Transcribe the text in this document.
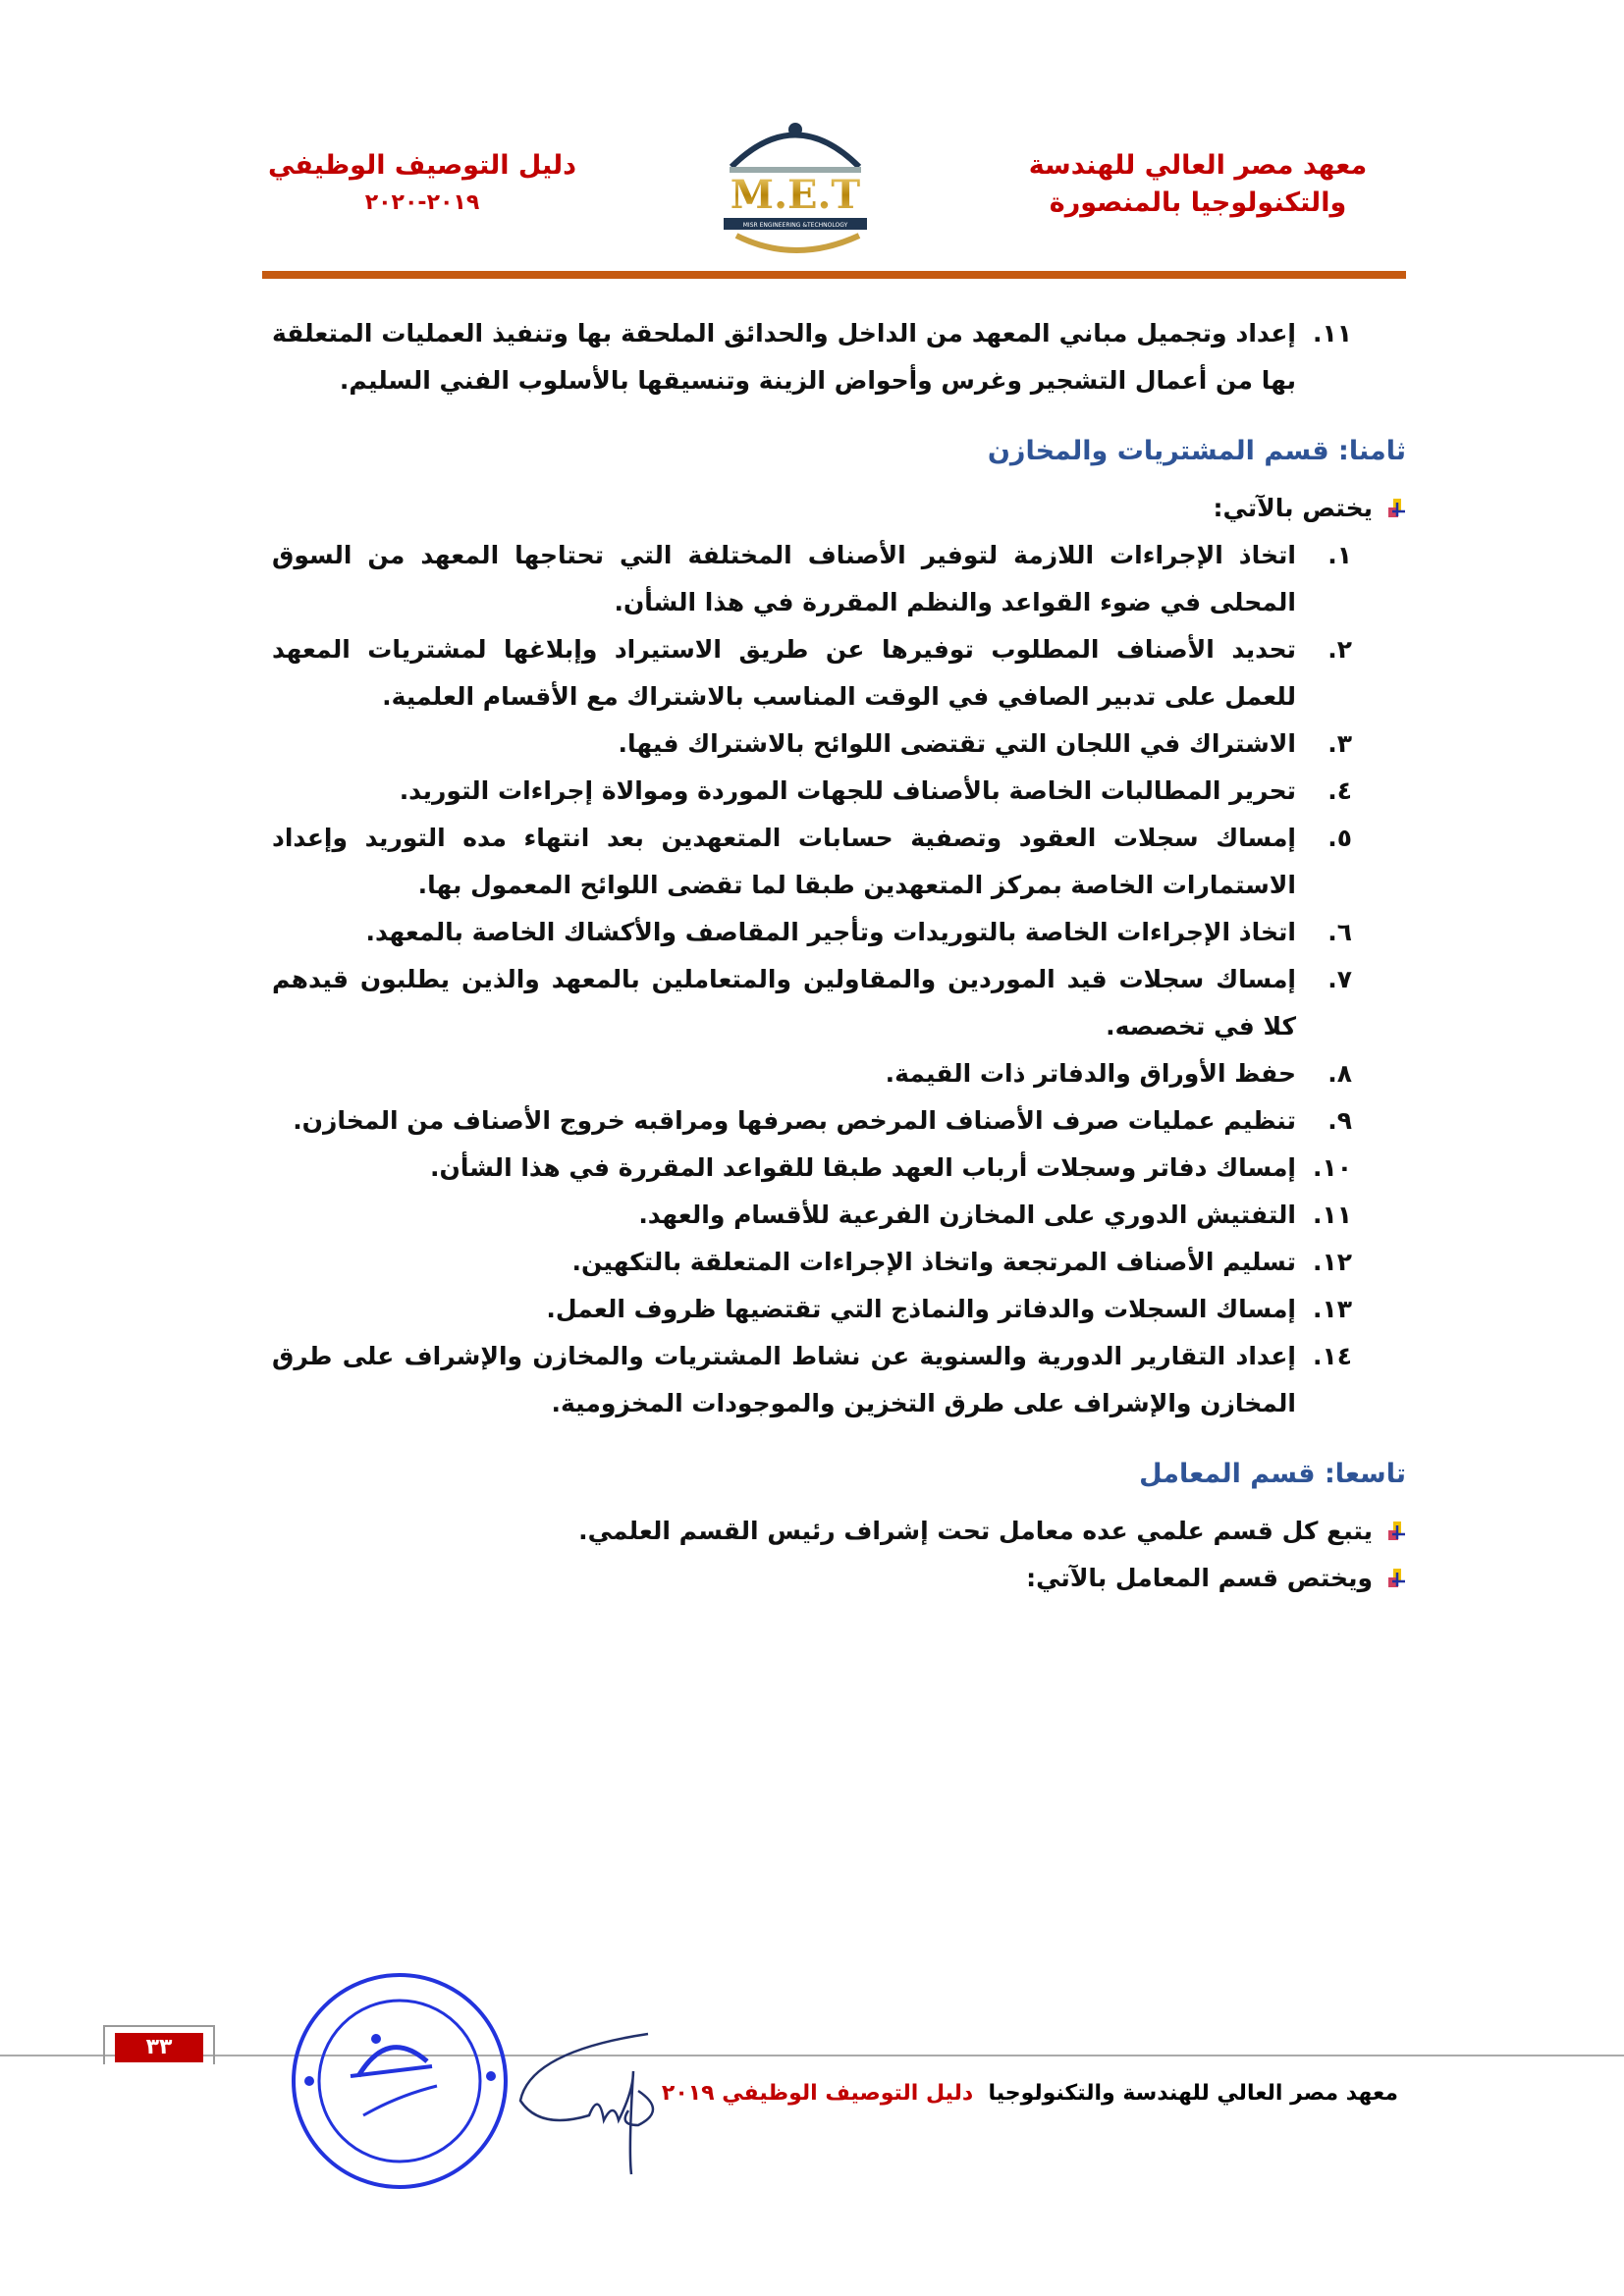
دليل التوصيف الوظيفي
٢٠١٩-٢٠٢٠
معهد مصر العالي للهندسة
والتكنولوجيا بالمنصورة
M.E.T
MISR ENGINEERING &TECHNOLOGY
١١.
إعداد وتجميل مباني المعهد من الداخل والحدائق الملحقة بها وتنفيذ العمليات المتعلقة بها من أعمال التشجير وغرس وأحواض الزينة وتنسيقها بالأسلوب الفني السليم.
ثامنا: قسم المشتريات والمخازن
يختص بالآتي:
١.
اتخاذ الإجراءات اللازمة لتوفير الأصناف المختلفة التي تحتاجها المعهد من السوق المحلى في ضوء القواعد والنظم المقررة في هذا الشأن.
٢.
تحديد الأصناف المطلوب توفيرها عن طريق الاستيراد وإبلاغها لمشتريات المعهد للعمل على تدبير الصافي في الوقت المناسب بالاشتراك مع الأقسام العلمية.
٣.
الاشتراك في اللجان التي تقتضى اللوائح بالاشتراك فيها.
٤.
تحرير المطالبات الخاصة بالأصناف للجهات الموردة وموالاة إجراءات التوريد.
٥.
إمساك سجلات العقود وتصفية حسابات المتعهدين بعد انتهاء مده التوريد وإعداد الاستمارات الخاصة بمركز المتعهدين طبقا لما تقضى اللوائح المعمول بها.
٦.
اتخاذ الإجراءات الخاصة بالتوريدات وتأجير المقاصف والأكشاك الخاصة بالمعهد.
٧.
إمساك سجلات قيد الموردين والمقاولين والمتعاملين بالمعهد والذين يطلبون قيدهم كلا في تخصصه.
٨.
حفظ الأوراق والدفاتر ذات القيمة.
٩.
تنظيم عمليات صرف الأصناف المرخص بصرفها ومراقبه خروج الأصناف من المخازن.
١٠.
إمساك دفاتر وسجلات أرباب العهد طبقا للقواعد المقررة في هذا الشأن.
١١.
التفتيش الدوري على المخازن الفرعية للأقسام والعهد.
١٢.
تسليم الأصناف المرتجعة واتخاذ الإجراءات المتعلقة بالتكهين.
١٣.
إمساك السجلات والدفاتر والنماذج التي تقتضيها ظروف العمل.
١٤.
إعداد التقارير الدورية والسنوية عن نشاط المشتريات والمخازن والإشراف على طرق المخازن والإشراف على طرق التخزين والموجودات المخزومية.
تاسعا: قسم المعامل
يتبع كل قسم علمي عده معامل تحت إشراف رئيس القسم العلمي.
ويختص قسم المعامل بالآتي:
٣٣
معهد مصر العالي للهندسة والتكنولوجيا  دليل التوصيف الوظيفي ٢٠١٩
